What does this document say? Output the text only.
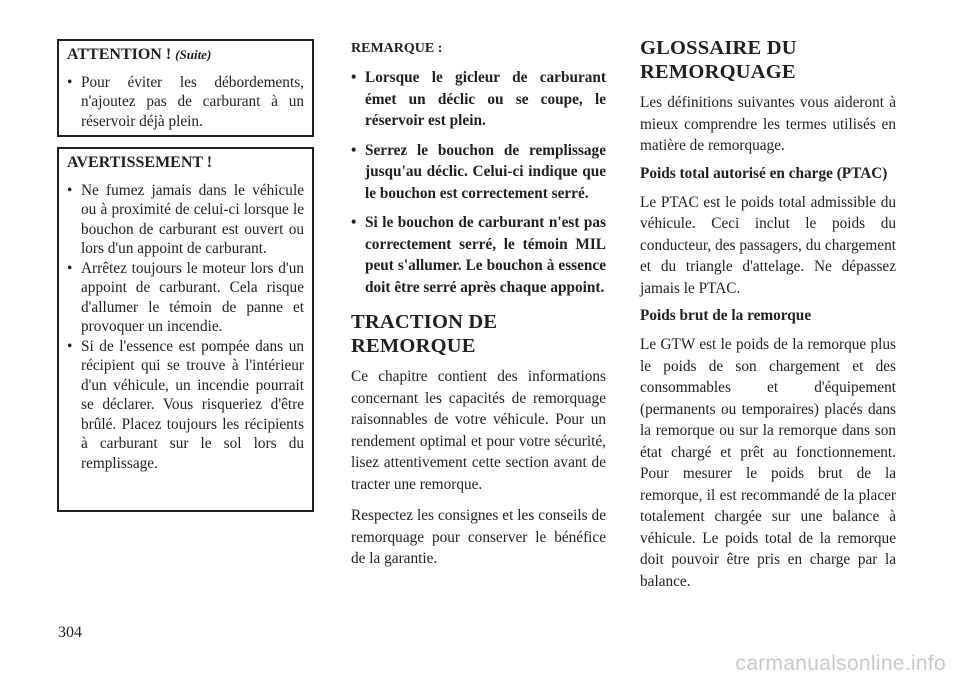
ATTENTION ! (Suite)
• Pour éviter les débordements, n'ajoutez pas de carburant à un réservoir déjà plein.
AVERTISSEMENT !
• Ne fumez jamais dans le véhicule ou à proximité de celui-ci lorsque le bouchon de carburant est ouvert ou lors d'un appoint de carburant.
• Arrêtez toujours le moteur lors d'un appoint de carburant. Cela risque d'allumer le témoin de panne et provoquer un incendie.
• Si de l'essence est pompée dans un récipient qui se trouve à l'intérieur d'un véhicule, un incendie pourrait se déclarer. Vous risqueriez d'être brûlé. Placez toujours les récipients à carburant sur le sol lors du remplissage.
REMARQUE :
• Lorsque le gicleur de carburant émet un déclic ou se coupe, le réservoir est plein.
• Serrez le bouchon de remplissage jusqu'au déclic. Celui-ci indique que le bouchon est correctement serré.
• Si le bouchon de carburant n'est pas correctement serré, le témoin MIL peut s'allumer. Le bouchon à essence doit être serré après chaque appoint.
TRACTION DE
REMORQUE

Ce chapitre contient des informations concernant les capacités de remorquage raisonnables de votre véhicule. Pour un rendement optimal et pour votre sécurité, lisez attentivement cette section avant de tracter une remorque.

Respectez les consignes et les conseils de remorquage pour conserver le bénéfice de la garantie.

GLOSSAIRE DU
REMORQUAGE

Les définitions suivantes vous aideront à mieux comprendre les termes utilisés en matière de remorquage.

Poids total autorisé en charge (PTAC)

Le PTAC est le poids total admissible du véhicule. Ceci inclut le poids du conducteur, des passagers, du chargement et du triangle d'attelage. Ne dépassez jamais le PTAC.

Poids brut de la remorque

Le GTW est le poids de la remorque plus le poids de son chargement et des consommables et d'équipement (permanents ou temporaires) placés dans la remorque ou sur la remorque dans son état chargé et prêt au fonctionnement. Pour mesurer le poids brut de la remorque, il est recommandé de la placer totalement chargée sur une balance à véhicule. Le poids total de la remorque doit pouvoir être pris en charge par la balance.

304
carmanualsonline.info
